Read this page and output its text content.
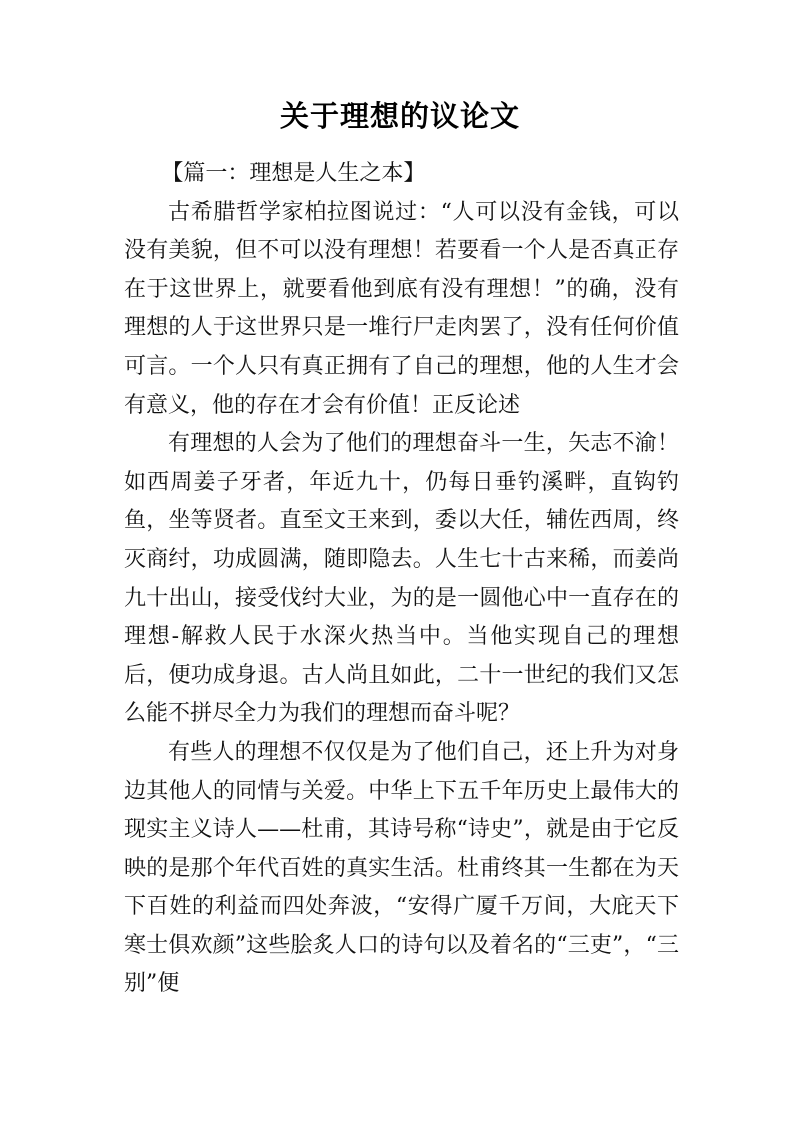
关于理想的议论文

【篇一：理想是人生之本】

古希腊哲学家柏拉图说过：“人可以没有金钱，可以没有美貌，但不可以没有理想！若要看一个人是否真正存在于这世界上，就要看他到底有没有理想！”的确，没有理想的人于这世界只是一堆行尸走肉罢了，没有任何价值可言。一个人只有真正拥有了自己的理想，他的人生才会有意义，他的存在才会有价值！正反论述

有理想的人会为了他们的理想奋斗一生，矢志不渝！如西周姜子牙者，年近九十，仍每日垂钓溪畔，直钩钓鱼，坐等贤者。直至文王来到，委以大任，辅佐西周，终灭商纣，功成圆满，随即隐去。人生七十古来稀，而姜尚九十出山，接受伐纣大业，为的是一圆他心中一直存在的理想-解救人民于水深火热当中。当他实现自己的理想后，便功成身退。古人尚且如此，二十一世纪的我们又怎么能不拼尽全力为我们的理想而奋斗呢？

有些人的理想不仅仅是为了他们自己，还上升为对身边其他人的同情与关爱。中华上下五千年历史上最伟大的现实主义诗人——杜甫，其诗号称“诗史”，就是由于它反映的是那个年代百姓的真实生活。杜甫终其一生都在为天下百姓的利益而四处奔波，“安得广厦千万间，大庇天下寒士俱欢颜”这些脍炙人口的诗句以及着名的“三吏”，“三别”便
